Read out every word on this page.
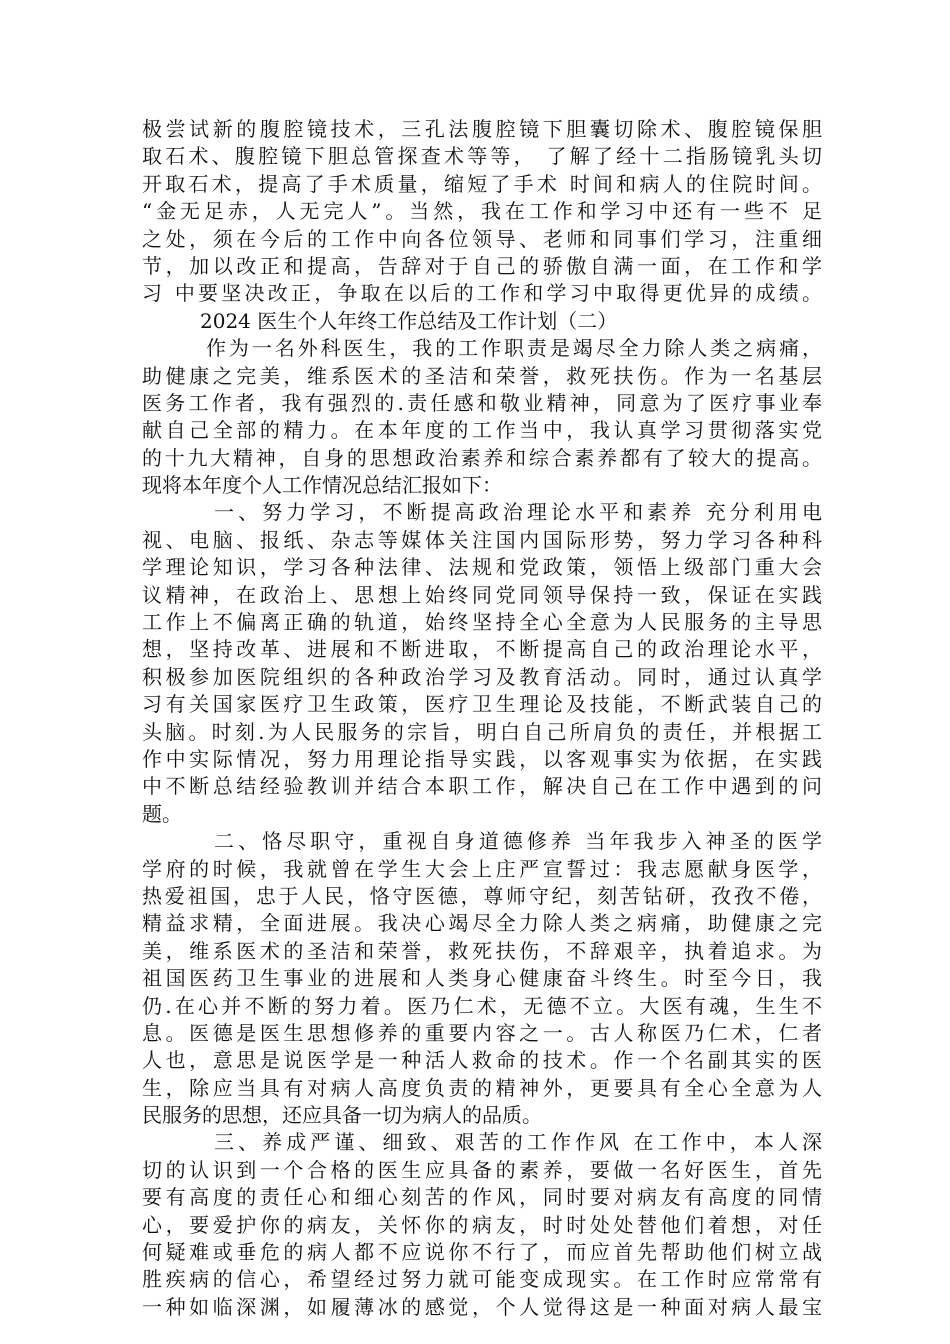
极尝试新的腹腔镜技术，三孔法腹腔镜下胆囊切除术、腹腔镜保胆
取石术、腹腔镜下胆总管探查术等等， 了解了经十二指肠镜乳头切
开取石术，提高了手术质量，缩短了手术 时间和病人的住院时间。
“金无足赤，人无完人”。当然，我在工作和学习中还有一些不 足
之处，须在今后的工作中向各位领导、老师和同事们学习，注重细
节，加以改正和提高，告辞对于自己的骄傲自满一面，在工作和学
习 中要坚决改正，争取在以后的工作和学习中取得更优异的成绩。
2024 医生个人年终工作总结及工作计划（二）
作为一名外科医生，我的工作职责是竭尽全力除人类之病痛，
助健康之完美，维系医术的圣洁和荣誉，救死扶伤。作为一名基层
医务工作者，我有强烈的.责任感和敬业精神，同意为了医疗事业奉
献自己全部的精力。在本年度的工作当中，我认真学习贯彻落实党
的十九大精神，自身的思想政治素养和综合素养都有了较大的提高。
现将本年度个人工作情况总结汇报如下：
一、努力学习，不断提高政治理论水平和素养 充分利用电
视、电脑、报纸、杂志等媒体关注国内国际形势，努力学习各种科
学理论知识，学习各种法律、法规和党政策，领悟上级部门重大会
议精神，在政治上、思想上始终同党同领导保持一致，保证在实践
工作上不偏离正确的轨道，始终坚持全心全意为人民服务的主导思
想，坚持改革、进展和不断进取，不断提高自己的政治理论水平，
积极参加医院组织的各种政治学习及教育活动。同时，通过认真学
习有关国家医疗卫生政策，医疗卫生理论及技能，不断武装自己的
头脑。时刻.为人民服务的宗旨，明白自己所肩负的责任，并根据工
作中实际情况，努力用理论指导实践，以客观事实为依据，在实践
中不断总结经验教训并结合本职工作，解决自己在工作中遇到的问
题。
二、恪尽职守，重视自身道德修养 当年我步入神圣的医学
学府的时候，我就曾在学生大会上庄严宣誓过：我志愿献身医学，
热爱祖国，忠于人民，恪守医德，尊师守纪，刻苦钻研，孜孜不倦，
精益求精，全面进展。我决心竭尽全力除人类之病痛，助健康之完
美，维系医术的圣洁和荣誉，救死扶伤，不辞艰辛，执着追求。为
祖国医药卫生事业的进展和人类身心健康奋斗终生。时至今日，我
仍.在心并不断的努力着。医乃仁术，无德不立。大医有魂，生生不
息。医德是医生思想修养的重要内容之一。古人称医乃仁术，仁者
人也，意思是说医学是一种活人救命的技术。作一个名副其实的医
生，除应当具有对病人高度负责的精神外，更要具有全心全意为人
民服务的思想，还应具备一切为病人的品质。
三、养成严谨、细致、艰苦的工作作风 在工作中，本人深
切的认识到一个合格的医生应具备的素养，要做一名好医生，首先
要有高度的责任心和细心刻苦的作风，同时要对病友有高度的同情
心，要爱护你的病友，关怀你的病友，时时处处替他们着想，对任
何疑难或垂危的病人都不应说你不行了，而应首先帮助他们树立战
胜疾病的信心，希望经过努力就可能变成现实。在工作时应常常有
一种如临深渊，如履薄冰的感觉，个人觉得这是一种面对病人最宝
